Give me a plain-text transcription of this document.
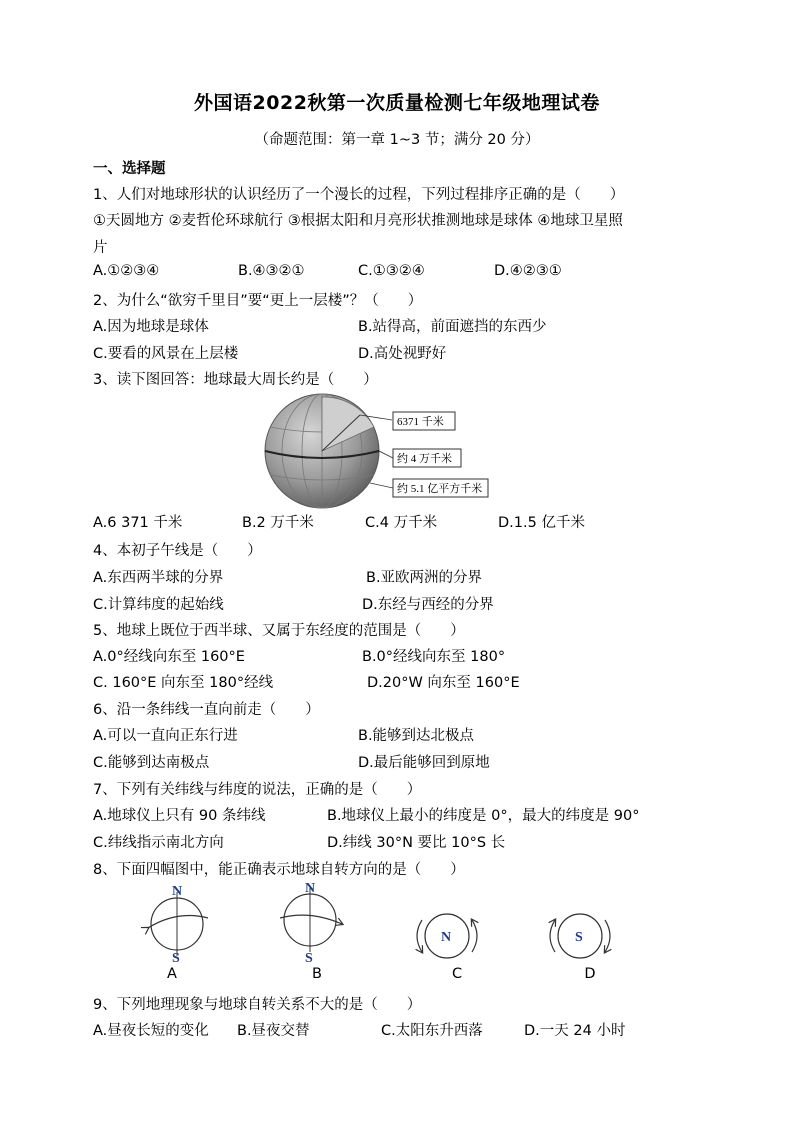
外国语2022秋第一次质量检测七年级地理试卷
（命题范围：第一章 1~3 节；满分 20 分）
一、选择题
1、人们对地球形状的认识经历了一个漫长的过程，下列过程排序正确的是（　　）
①天圆地方 ②麦哲伦环球航行 ③根据太阳和月亮形状推测地球是球体 ④地球卫星照
片
A.①②③④	B.④③②①	C.①③②④	D.④②③①
2、为什么“欲穷千里目”要“更上一层楼”？（　　）
A.因为地球是球体	B.站得高，前面遮挡的东西少
C.要看的风景在上层楼	D.高处视野好
3、读下图回答：地球最大周长约是（　　）
6371 千米
约 4 万千米
约 5.1 亿平方千米
A.6 371 千米	B.2 万千米	C.4 万千米	D.1.5 亿千米
4、本初子午线是（　　）
A.东西两半球的分界	B.亚欧两洲的分界
C.计算纬度的起始线	D.东经与西经的分界
5、地球上既位于西半球、又属于东经度的范围是（　　）
A.0°经线向东至 160°E	B.0°经线向东至 180°
C. 160°E 向东至 180°经线	D.20°W 向东至 160°E
6、沿一条纬线一直向前走（　　）
A.可以一直向正东行进	B.能够到达北极点
C.能够到达南极点	D.最后能够回到原地
7、下列有关纬线与纬度的说法，正确的是（　　）
A.地球仪上只有 90 条纬线	B.地球仪上最小的纬度是 0°，最大的纬度是 90°
C.纬线指示南北方向	D.纬线 30°N 要比 10°S 长
8、下面四幅图中，能正确表示地球自转方向的是（　　）
N
S
N
S
N	S
A	B	C	D
9、下列地理现象与地球自转关系不大的是（　　）
A.昼夜长短的变化 B.昼夜交替	C.太阳东升西落	D.一天 24 小时
